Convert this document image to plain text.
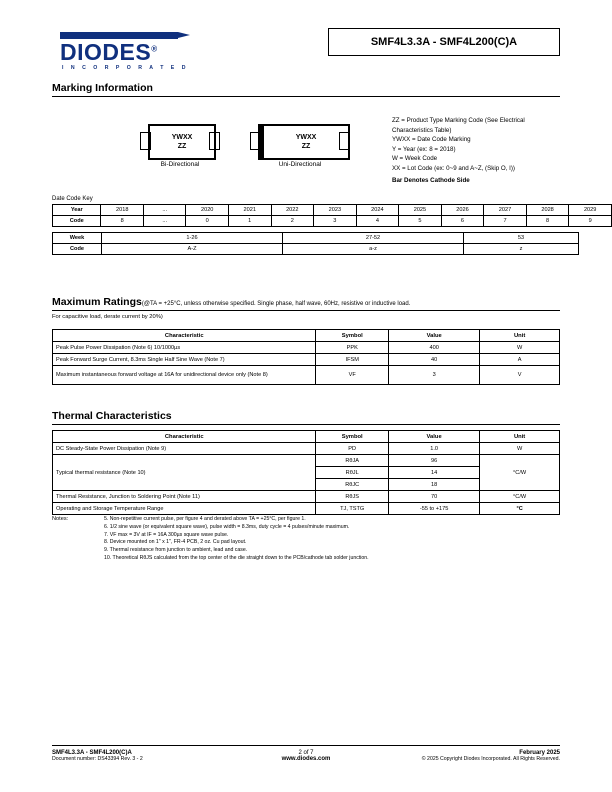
DIODES®
I N C O R P O R A T E D
SMF4L3.3A - SMF4L200(C)A
Marking Information
YWXX
ZZ
Bi-Directional
YWXX
ZZ
Uni-Directional
ZZ = Product Type Marking Code (See Electrical
Characteristics Table)
YWXX = Date Code Marking
Y = Year (ex: 8 = 2018)
W = Week Code
XX = Lot Code (ex: 0~9 and A~Z, (Skip O, I))
Bar Denotes Cathode Side
Date Code Key
Year	2018	...	2020	2021	2022	2023	2024	2025	2026	2027	2028	2029
Code	8	...	0	1	2	3	4	5	6	7	8	9
Week	1-26	27-52	53
Code	A-Z	a-z	z
Maximum Ratings(@TA = +25°C, unless otherwise specified. Single phase, half wave, 60Hz, resistive or inductive load.
For capacitive load, derate current by 20%)
Characteristic	Symbol	Value	Unit
Peak Pulse Power Dissipation (Note 6) 10/1000µs	PPK	400	W
Peak Forward Surge Current, 8.3ms Single Half Sine Wave (Note 7)	IFSM	40	A
Maximum instantaneous forward voltage at 16A for unidirectional device only (Note 8)	VF	3	V
Thermal Characteristics
Characteristic	Symbol	Value	Unit
DC Steady-State Power Dissipation (Note 9)	PD	1.0	W
Typical thermal resistance (Note 10)	RθJA	96	°C/W
	RθJL	14	
	RθJC	18	
Thermal Resistance, Junction to Soldering Point (Note 11)	RθJS	70	°C/W
Operating and Storage Temperature Range	TJ, TSTG	-55 to +175	°C
Notes:	5. Non-repetitive current pulse, per figure 4 and derated above TA = +25°C, per figure 1.
6. 1/2 sine wave (or equivalent square wave), pulse width = 8.3ms, duty cycle = 4 pulses/minute maximum.
7. VF max = 3V at IF = 16A 300µs square wave pulse.
8. Device mounted on 1" x 1", FR-4 PCB, 2 oz. Cu pad layout.
9. Thermal resistance from junction to ambient, lead and case.
10. Theoretical RθJS calculated from the top center of the die straight down to the PCB/cathode tab solder junction.
SMF4L3.3A - SMF4L200(C)A
Document number: DS43394 Rev. 3 - 2
2 of 7
www.diodes.com
February 2025
© 2025 Copyright Diodes Incorporated. All Rights Reserved.
